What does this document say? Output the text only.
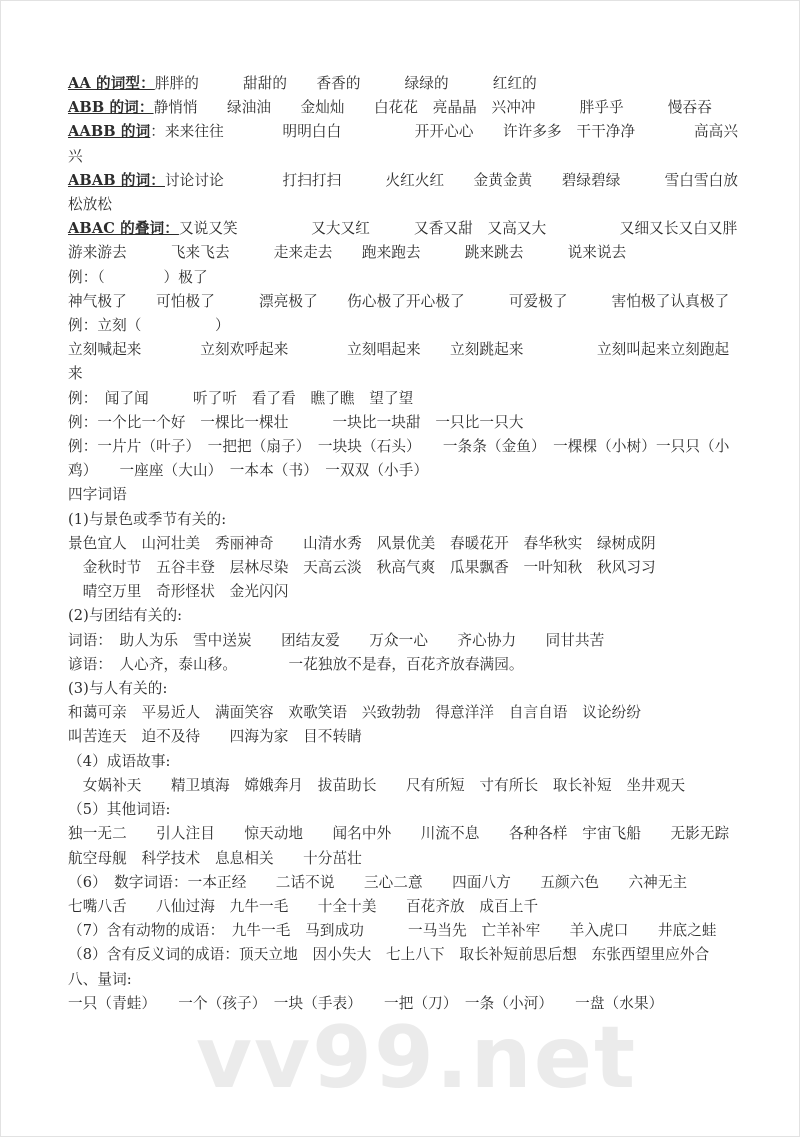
AA 的词型：胖胖的　　　甜甜的　　香香的　　　绿绿的　　　红红的
ABB 的词：静悄悄　　绿油油　　金灿灿　　白花花　亮晶晶　兴冲冲　　　胖乎乎　　　慢吞吞
AABB 的词：来来往往　　　　明明白白　　　　　开开心心　　许许多多　干干净净　　　　高高兴兴
ABAB 的词：讨论讨论　　　　打扫打扫　　　火红火红　　金黄金黄　　碧绿碧绿　　　雪白雪白放松放松
ABAC 的叠词：又说又笑　　　　　又大又红　　　又香又甜　又高又大　　　　　又细又长又白又胖
游来游去　　　飞来飞去　　　走来走去　　跑来跑去　　　跳来跳去　　　说来说去
例：（　　　　）极了
神气极了　　可怕极了　　　漂亮极了　　伤心极了开心极了　　　可爱极了　　　害怕极了认真极了
例：立刻（　　　　　）
立刻喊起来　　　　立刻欢呼起来　　　　立刻唱起来　　立刻跳起来　　　　　立刻叫起来立刻跑起来
例：　闻了闻　　　听了听　看了看　瞧了瞧　望了望
例：一个比一个好　一棵比一棵壮　　　一块比一块甜　一只比一只大
例：一片片（叶子）　一把把（扇子）　一块块（石头）　　一条条（金鱼）　一棵棵（小树）一只只（小鸡）　　一座座（大山）　一本本（书）　一双双（小手）
四字词语
(1)与景色或季节有关的:
景色宜人　山河壮美　秀丽神奇　　山清水秀　风景优美　春暖花开　春华秋实　绿树成阴
　金秋时节　五谷丰登　层林尽染　天高云淡　秋高气爽　瓜果飘香　一叶知秋　秋风习习
　晴空万里　奇形怪状　金光闪闪
(2)与团结有关的:
词语：　助人为乐　雪中送炭　　团结友爱　　万众一心　　齐心协力　　同甘共苦
谚语：　人心齐，泰山移。　　　　一花独放不是春，百花齐放春满园。
(3)与人有关的:
和蔼可亲　平易近人　满面笑容　欢歌笑语　兴致勃勃　得意洋洋　自言自语　议论纷纷
叫苦连天　迫不及待　　四海为家　目不转睛
（4）成语故事:
　女娲补天　　精卫填海　嫦娥奔月　拔苗助长　　尺有所短　寸有所长　取长补短　坐井观天
（5）其他词语:
独一无二　　引人注目　　惊天动地　　闻名中外　　川流不息　　各种各样　宇宙飞船　　无影无踪
航空母舰　科学技术　息息相关　　十分茁壮
（6）　数字词语：一本正经　　二话不说　　三心二意　　四面八方　　五颜六色　　六神无主　　　七嘴八舌　　八仙过海　九牛一毛　　十全十美　　百花齐放　成百上千
（7）含有动物的成语：　九牛一毛　马到成功　　　一马当先　亡羊补牢　　羊入虎口　　井底之蛙
（8）含有反义词的成语：顶天立地　因小失大　七上八下　取长补短前思后想　东张西望里应外合
八、量词:
一只（青蛙）　　一个（孩子）　一块（手表）　　一把（刀）　一条（小河）　　一盘（水果）
vv99.net
